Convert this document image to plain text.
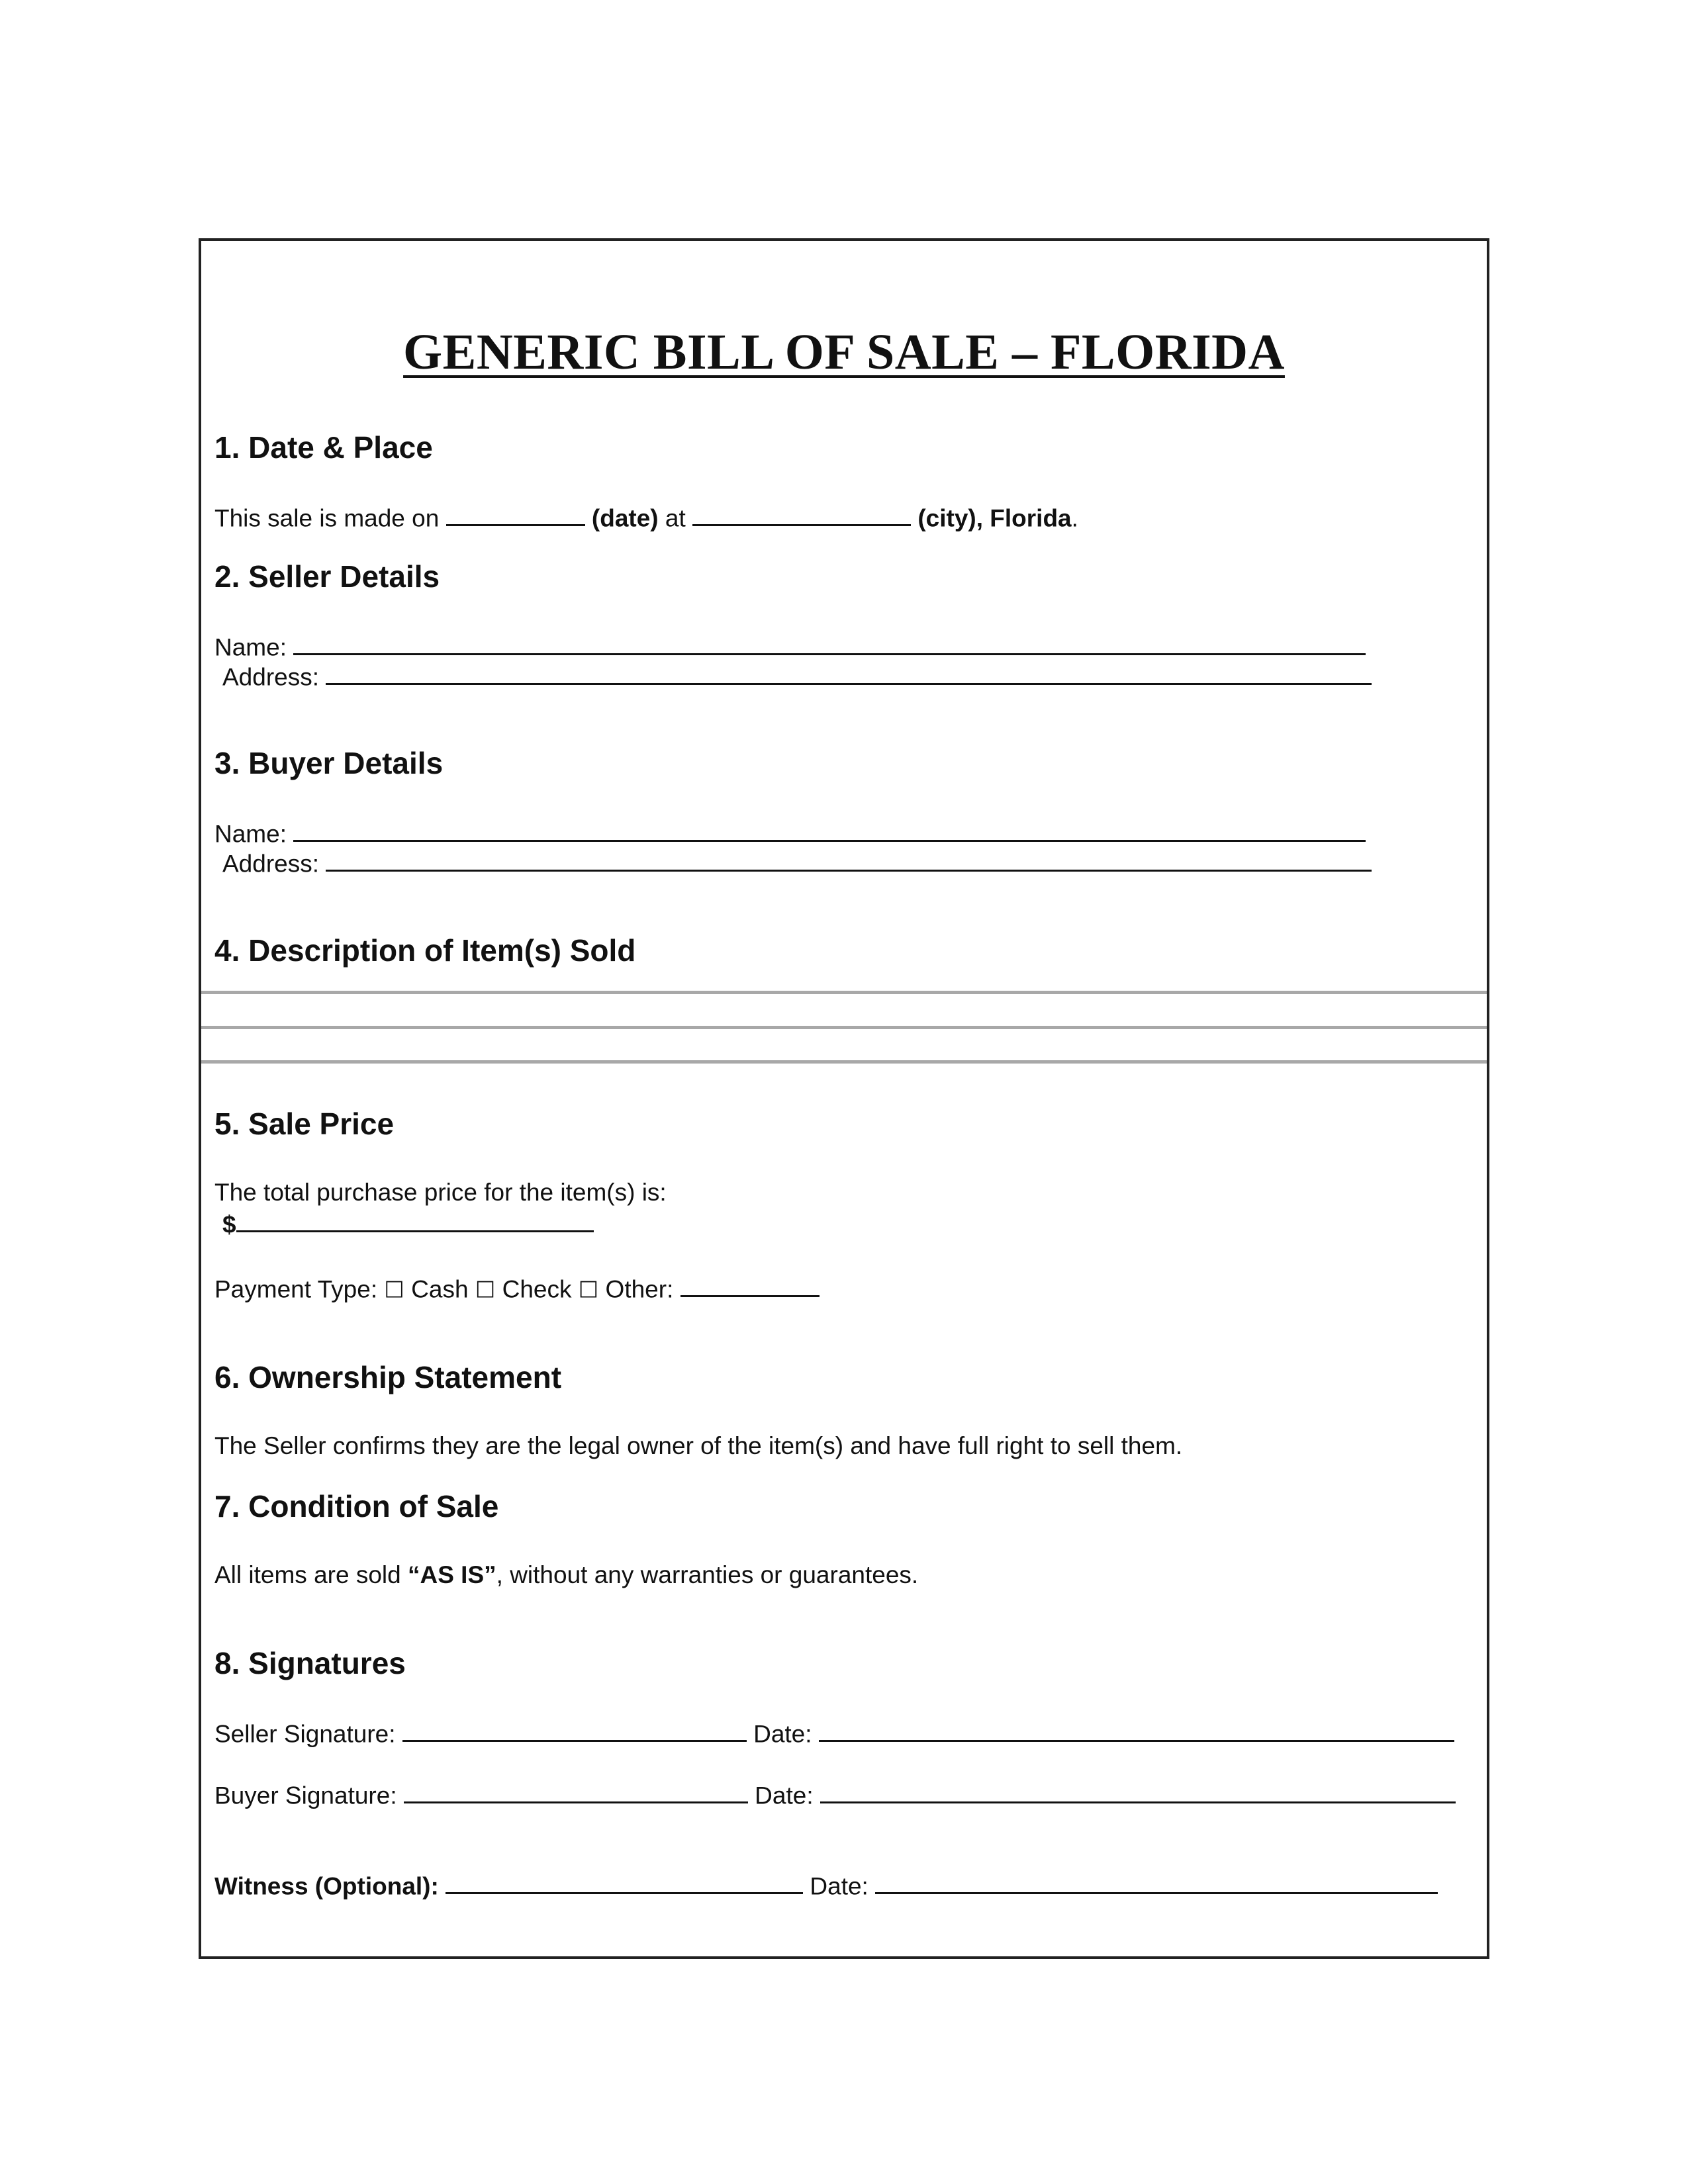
GENERIC BILL OF SALE – FLORIDA
1. Date & Place
This sale is made on	(date) at	(city), Florida.
2. Seller Details
Name:
Address:
3. Buyer Details
Name:
Address:
4. Description of Item(s) Sold
5. Sale Price
The total purchase price for the item(s) is:
$
Payment Type: ☐ Cash ☐ Check ☐ Other:
6. Ownership Statement
The Seller confirms they are the legal owner of the item(s) and have full right to sell them.
7. Condition of Sale
All items are sold “AS IS”, without any warranties or guarantees.
8. Signatures
Seller Signature:	Date:
Buyer Signature:	Date:
Witness (Optional):	Date:
